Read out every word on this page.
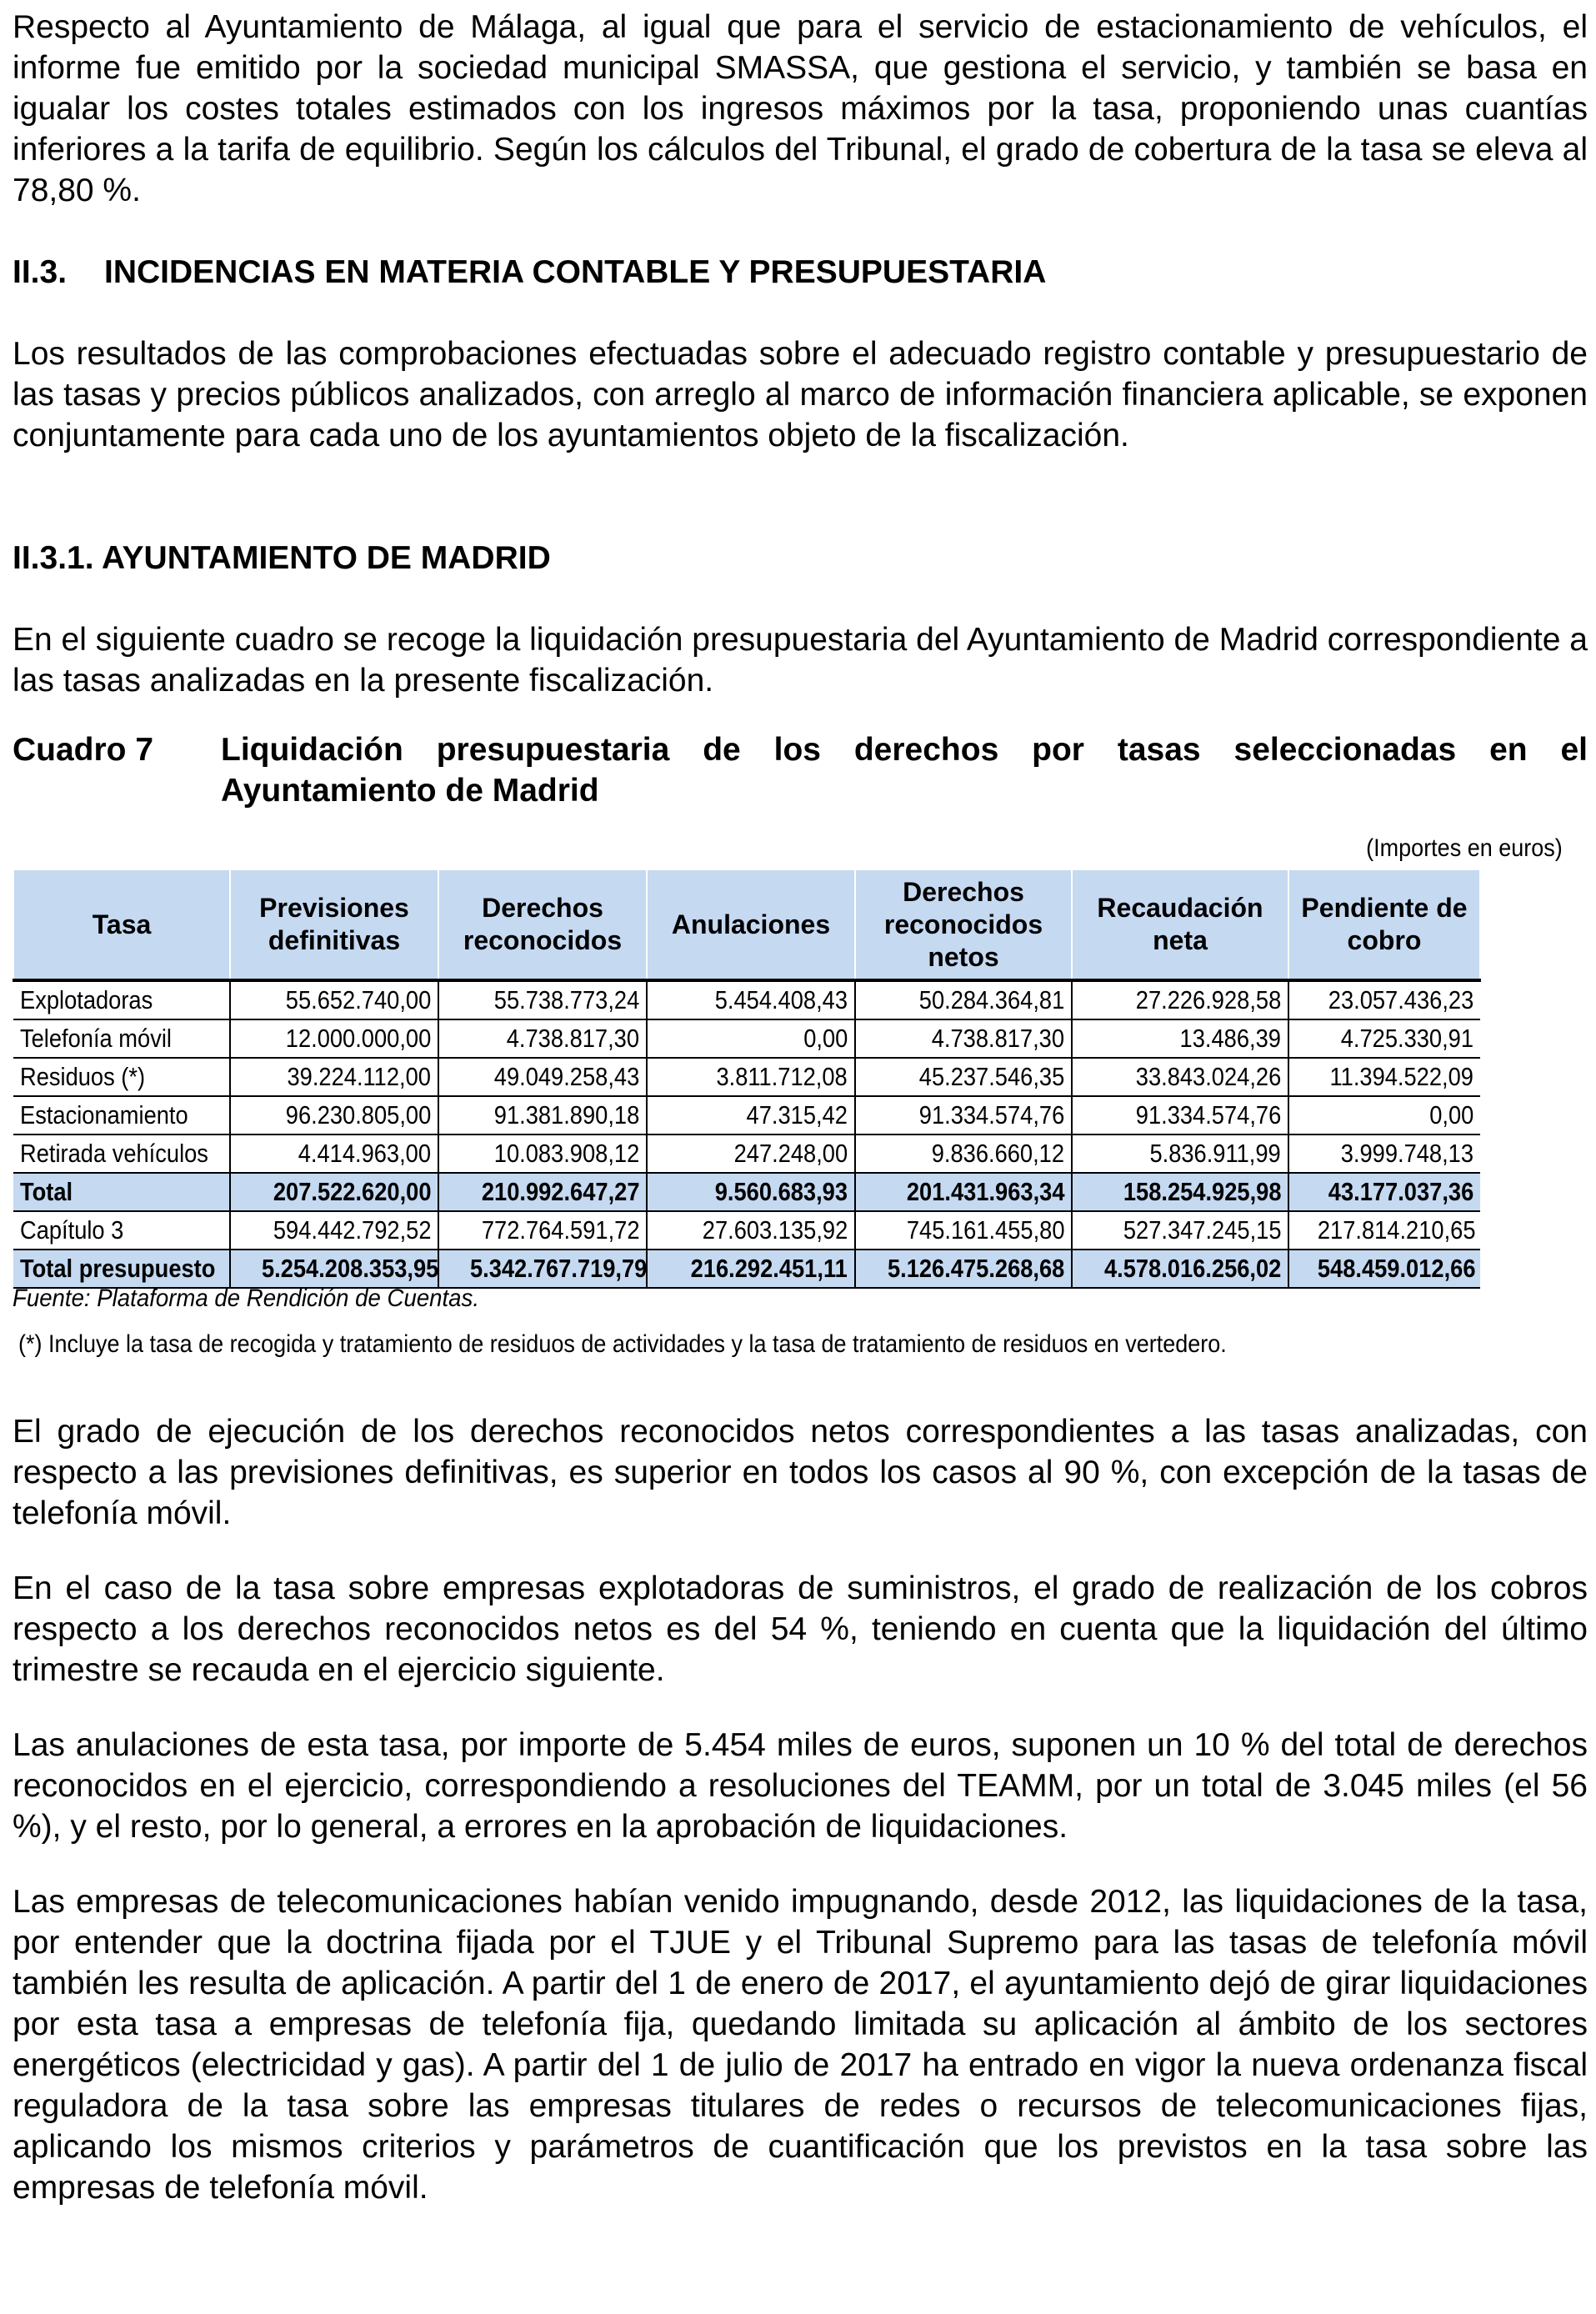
Respecto al Ayuntamiento de Málaga, al igual que para el servicio de estacionamiento de vehículos, el informe fue emitido por la sociedad municipal SMASSA, que gestiona el servicio, y también se basa en igualar los costes totales estimados con los ingresos máximos por la tasa, proponiendo unas cuantías inferiores a la tarifa de equilibrio. Según los cálculos del Tribunal, el grado de cobertura de la tasa se eleva al 78,80 %.

II.3. INCIDENCIAS EN MATERIA CONTABLE Y PRESUPUESTARIA

Los resultados de las comprobaciones efectuadas sobre el adecuado registro contable y presupuestario de las tasas y precios públicos analizados, con arreglo al marco de información financiera aplicable, se exponen conjuntamente para cada uno de los ayuntamientos objeto de la fiscalización.

II.3.1. AYUNTAMIENTO DE MADRID

En el siguiente cuadro se recoge la liquidación presupuestaria del Ayuntamiento de Madrid correspondiente a las tasas analizadas en la presente fiscalización.

Cuadro 7 Liquidación presupuestaria de los derechos por tasas seleccionadas en el Ayuntamiento de Madrid

(Importes en euros)
Tasa	Previsiones definitivas	Derechos reconocidos	Anulaciones	Derechos reconocidos netos	Recaudación neta	Pendiente de cobro
Explotadoras	55.652.740,00	55.738.773,24	5.454.408,43	50.284.364,81	27.226.928,58	23.057.436,23
Telefonía móvil	12.000.000,00	4.738.817,30	0,00	4.738.817,30	13.486,39	4.725.330,91
Residuos (*)	39.224.112,00	49.049.258,43	3.811.712,08	45.237.546,35	33.843.024,26	11.394.522,09
Estacionamiento	96.230.805,00	91.381.890,18	47.315,42	91.334.574,76	91.334.574,76	0,00
Retirada vehículos	4.414.963,00	10.083.908,12	247.248,00	9.836.660,12	5.836.911,99	3.999.748,13
Total	207.522.620,00	210.992.647,27	9.560.683,93	201.431.963,34	158.254.925,98	43.177.037,36
Capítulo 3	594.442.792,52	772.764.591,72	27.603.135,92	745.161.455,80	527.347.245,15	217.814.210,65
Total presupuesto	5.254.208.353,95	5.342.767.719,79	216.292.451,11	5.126.475.268,68	4.578.016.256,02	548.459.012,66

Fuente: Plataforma de Rendición de Cuentas.

(*) Incluye la tasa de recogida y tratamiento de residuos de actividades y la tasa de tratamiento de residuos en vertedero.

El grado de ejecución de los derechos reconocidos netos correspondientes a las tasas analizadas, con respecto a las previsiones definitivas, es superior en todos los casos al 90 %, con excepción de la tasas de telefonía móvil.

En el caso de la tasa sobre empresas explotadoras de suministros, el grado de realización de los cobros respecto a los derechos reconocidos netos es del 54 %, teniendo en cuenta que la liquidación del último trimestre se recauda en el ejercicio siguiente.

Las anulaciones de esta tasa, por importe de 5.454 miles de euros, suponen un 10 % del total de derechos reconocidos en el ejercicio, correspondiendo a resoluciones del TEAMM, por un total de 3.045 miles (el 56 %), y el resto, por lo general, a errores en la aprobación de liquidaciones.

Las empresas de telecomunicaciones habían venido impugnando, desde 2012, las liquidaciones de la tasa, por entender que la doctrina fijada por el TJUE y el Tribunal Supremo para las tasas de telefonía móvil también les resulta de aplicación. A partir del 1 de enero de 2017, el ayuntamiento dejó de girar liquidaciones por esta tasa a empresas de telefonía fija, quedando limitada su aplicación al ámbito de los sectores energéticos (electricidad y gas). A partir del 1 de julio de 2017 ha entrado en vigor la nueva ordenanza fiscal reguladora de la tasa sobre las empresas titulares de redes o recursos de telecomunicaciones fijas, aplicando los mismos criterios y parámetros de cuantificación que los previstos en la tasa sobre las empresas de telefonía móvil.
